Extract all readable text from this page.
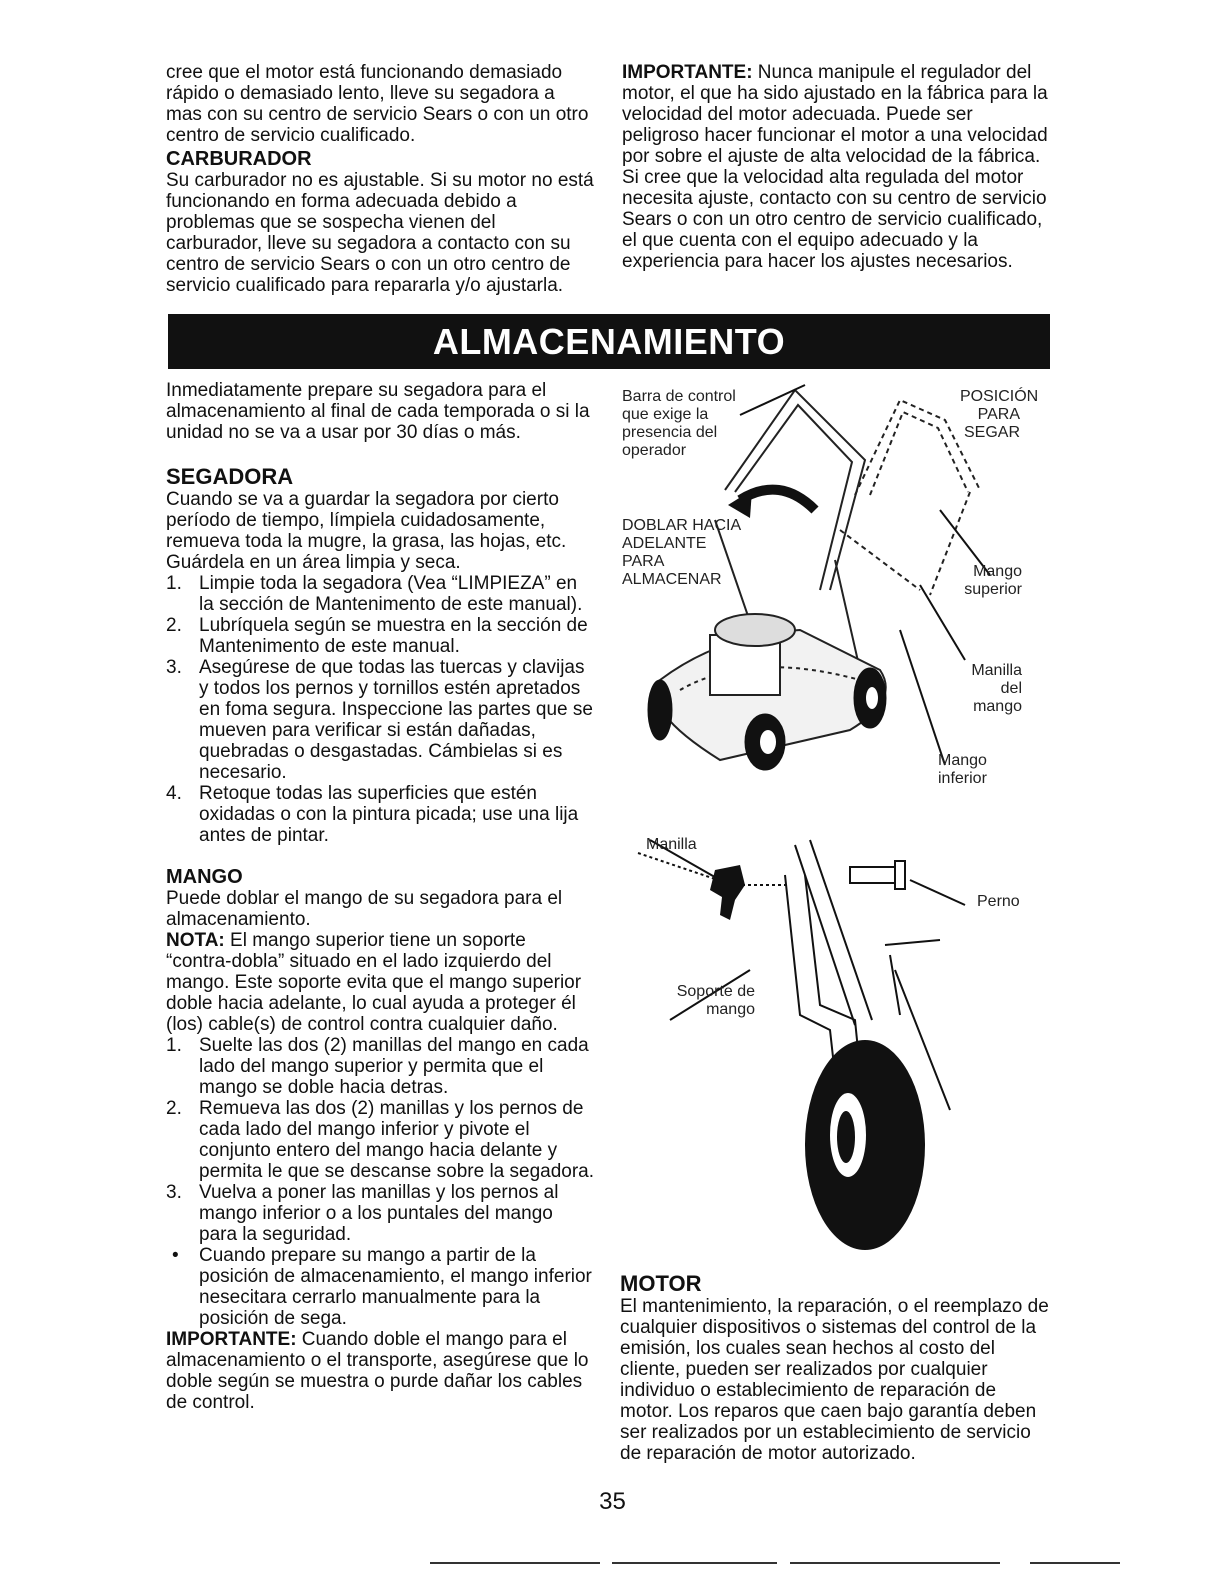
cree que el motor está funcionando demasiado rápido o demasiado lento, lleve su segadora a mas con su centro de servicio Sears o con un otro centro de servicio cualificado.

CARBURADOR

Su carburador no es ajustable. Si su motor no está funcionando en forma adecuada debido a problemas que se sospecha vienen del carburador, lleve su segadora a contacto con su centro de servicio Sears o con un otro centro de servicio cualificado para repararla y/o ajustarla.

IMPORTANTE: Nunca manipule el regulador del motor, el que ha sido ajustado en la fábrica para la velocidad del motor adecuada. Puede ser peligroso hacer funcionar el motor a una velocidad por sobre el ajuste de alta velocidad de la fábrica. Si cree que la velocidad alta regulada del motor necesita ajuste, contacto con su centro de servicio Sears o con un otro centro de servicio cualificado, el que cuenta con el equipo adecuado y la experiencia para hacer los ajustes necesarios.

ALMACENAMIENTO

Inmediatamente prepare su segadora para el almacenamiento al final de cada temporada o si la unidad no se va a usar por 30 días o más.

SEGADORA

Cuando se va a guardar la segadora por cierto período de tiempo, límpiela cuidadosamente, remueva toda la mugre, la grasa, las hojas, etc. Guárdela en un área limpia y seca.

1. Limpie toda la segadora (Vea “LIMPIEZA” en la sección de Mantenimento de este manual).
2. Lubríquela según se muestra en la sección de Mantenimento de este manual.
3. Asegúrese de que todas las tuercas y clavijas y todos los pernos y tornillos estén apretados en foma segura. Inspeccione las partes que se mueven para verificar si están dañadas, quebradas o desgastadas. Cámbielas si es necesario.
4. Retoque todas las superficies que estén oxidadas o con la pintura picada; use una lija antes de pintar.

MANGO

Puede doblar el mango de su segadora para el almacenamiento.

NOTA: El mango superior tiene un soporte “contra-dobla” situado en el lado izquierdo del mango. Este soporte evita que el mango superior doble hacia adelante, lo cual ayuda a proteger él (los) cable(s) de control contra cualquier daño.

1. Suelte las dos (2) manillas del mango en cada lado del mango superior y permita que el mango se doble hacia detras.
2. Remueva las dos (2) manillas y los pernos de cada lado del mango inferior y pivote el conjunto entero del mango hacia delante y permita le que se descanse sobre la segadora.
3. Vuelva a poner las manillas y los pernos al mango inferior o a los puntales del mango para la seguridad.
• Cuando prepare su mango a partir de la posición de almacenamiento, el mango inferior nesecitara cerrarlo manualmente para la posición de sega.

IMPORTANTE: Cuando doble el mango para el almacenamiento o el transporte, asegúrese que lo doble según se muestra o purde dañar los cables de control.

Barra de control que exige la presencia del operador
DOBLAR HACIA ADELANTE PARA ALMACENAR
POSICIÓN PARA SEGAR
Mango superior
Manilla del mango
Mango inferior
Manilla
Perno
Soporte de mango

MOTOR

El mantenimiento, la reparación, o el reemplazo de cualquier dispositivos o sistemas del control de la emisión, los cuales sean hechos al costo del cliente, pueden ser realizados por cualquier individuo o establecimiento de reparación de motor. Los reparos que caen bajo garantía deben ser realizados por un establecimiento de servicio de reparación de motor autorizado.

35
